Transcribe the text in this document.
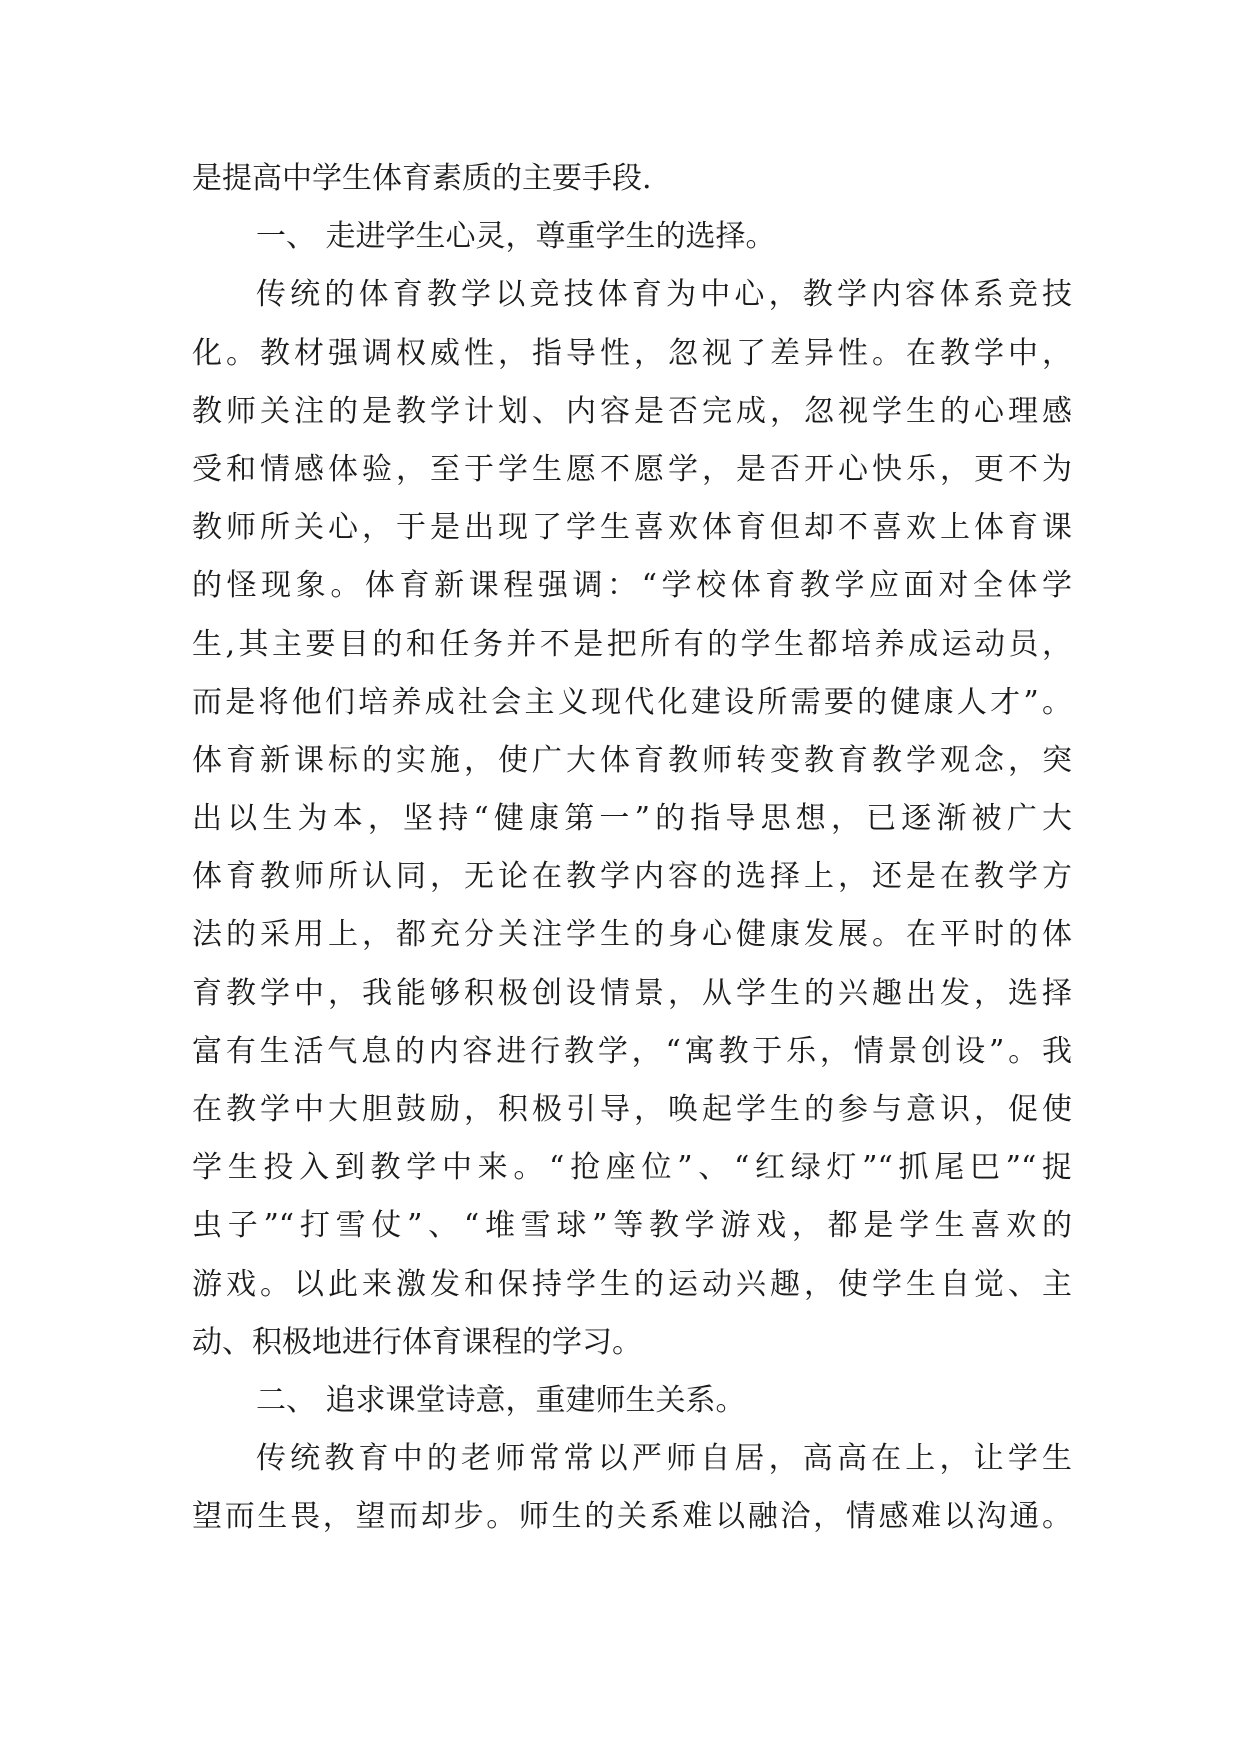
是提高中学生体育素质的主要手段.
一、 走进学生心灵，尊重学生的选择。
传统的体育教学以竞技体育为中心，教学内容体系竞技
化。教材强调权威性，指导性，忽视了差异性。在教学中，
教师关注的是教学计划、内容是否完成，忽视学生的心理感
受和情感体验，至于学生愿不愿学，是否开心快乐，更不为
教师所关心，于是出现了学生喜欢体育但却不喜欢上体育课
的怪现象。体育新课程强调：“学校体育教学应面对全体学
生,其主要目的和任务并不是把所有的学生都培养成运动员，
而是将他们培养成社会主义现代化建设所需要的健康人才”。
体育新课标的实施，使广大体育教师转变教育教学观念，突
出以生为本，坚持“健康第一”的指导思想，已逐渐被广大
体育教师所认同，无论在教学内容的选择上，还是在教学方
法的采用上，都充分关注学生的身心健康发展。在平时的体
育教学中，我能够积极创设情景，从学生的兴趣出发，选择
富有生活气息的内容进行教学，“寓教于乐，情景创设”。我
在教学中大胆鼓励，积极引导，唤起学生的参与意识，促使
学生投入到教学中来。“抢座位”、“红绿灯”“抓尾巴”“捉
虫子”“打雪仗”、“堆雪球”等教学游戏，都是学生喜欢的
游戏。以此来激发和保持学生的运动兴趣，使学生自觉、主
动、积极地进行体育课程的学习。
二、 追求课堂诗意，重建师生关系。
传统教育中的老师常常以严师自居，高高在上，让学生
望而生畏，望而却步。师生的关系难以融洽，情感难以沟通。
